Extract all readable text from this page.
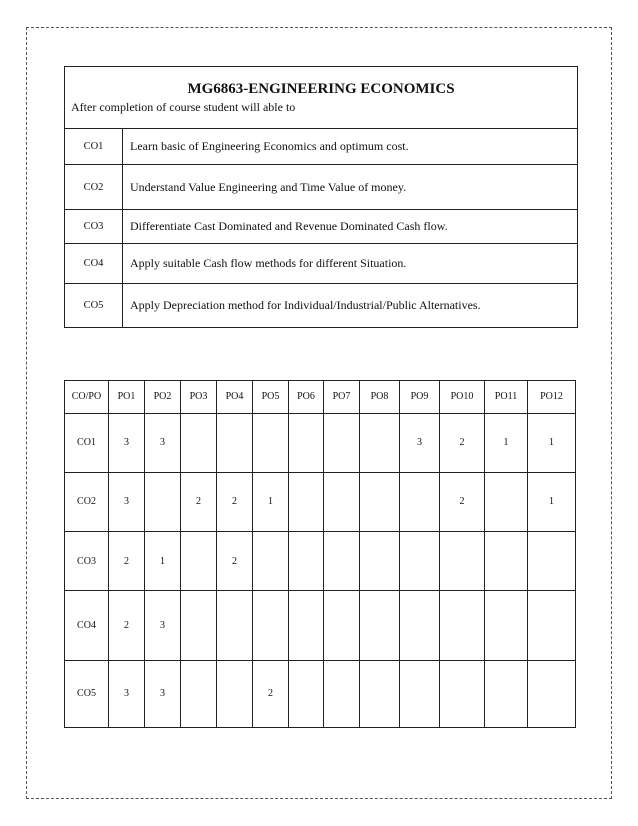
MG6863-ENGINEERING ECONOMICS
After completion of course student will able to
CO1	Learn basic of Engineering Economics and optimum cost.
CO2	Understand Value Engineering and Time Value of money.
CO3	Differentiate Cast Dominated and Revenue Dominated Cash flow.
CO4	Apply suitable Cash flow methods for different Situation.
CO5	Apply Depreciation method for Individual/Industrial/Public Alternatives.
CO/PO	PO1	PO2	PO3	PO4	PO5	PO6	PO7	PO8	PO9	PO10	PO11	PO12
CO1	3	3							3	2	1	1
CO2	3		2	2	1					2		1
CO3	2	1		2								
CO4	2	3										
CO5	3	3			2							
